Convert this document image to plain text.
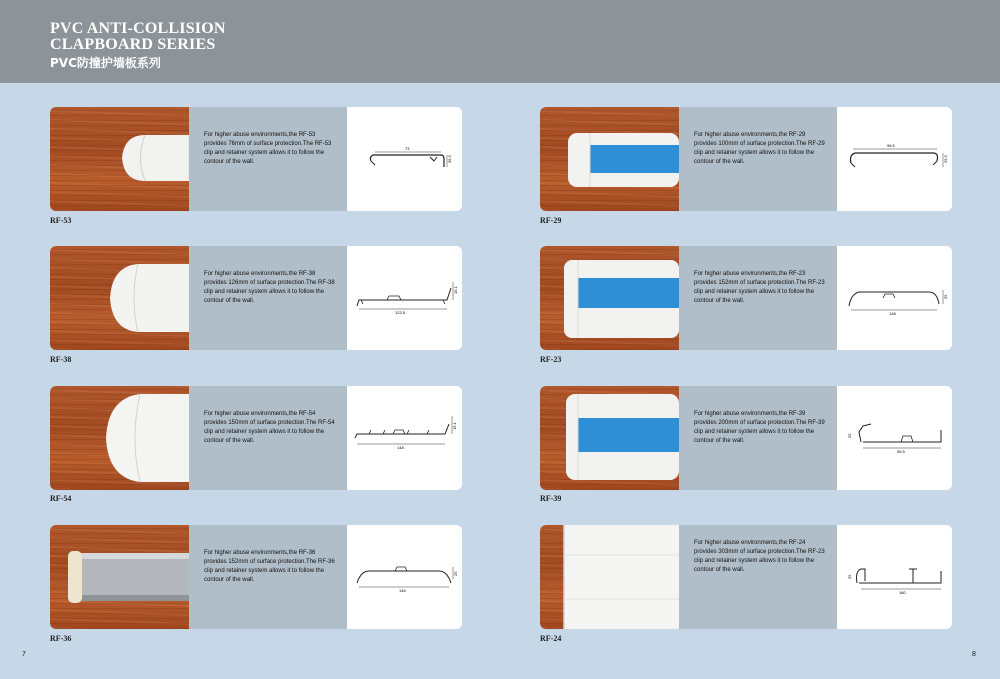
PVC ANTI-COLLISION
CLAPBOARD SERIES
PVC防撞护墙板系列

For higher abuse environments,the RF-53 provides 76mm of surface protection.The RF-53 clip and retainer system allows it to follow the contour of the wall.

73
39.3
RF-53

For higher abuse environments,the RF-38 provides 126mm of surface protection.The RF-38 clip and retainer system allows it to follow the contour of the wall.

123.5
15.1
RF-38

For higher abuse environments,the RF-54 provides 150mm of surface protection.The RF-54 clip and retainer system allows it to follow the contour of the wall.

148
15.1
RF-54

For higher abuse environments,the RF-36 provides 152mm of surface protection.The RF-36 clip and retainer system allows it to follow the contour of the wall.

146
25
RF-36

For higher abuse environments,the RF-29 provides 100mm of surface protection.The RF-29 clip and retainer system allows it to follow the contour of the wall.

96.5
29.3
RF-29

For higher abuse environments,the RF-23 provides 152mm of surface protection.The RF-23 clip and retainer system allows it to follow the contour of the wall.

148
25
RF-23

For higher abuse environments,the RF-39 provides 200mm of surface protection.The RF-39 clip and retainer system allows it to follow the contour of the wall.

95.5
25
RF-39

For higher abuse environments,the RF-24 provides 303mm of surface protection.The RF-23 clip and retainer system allows it to follow the contour of the wall.

180
25
RF-24
7	8
